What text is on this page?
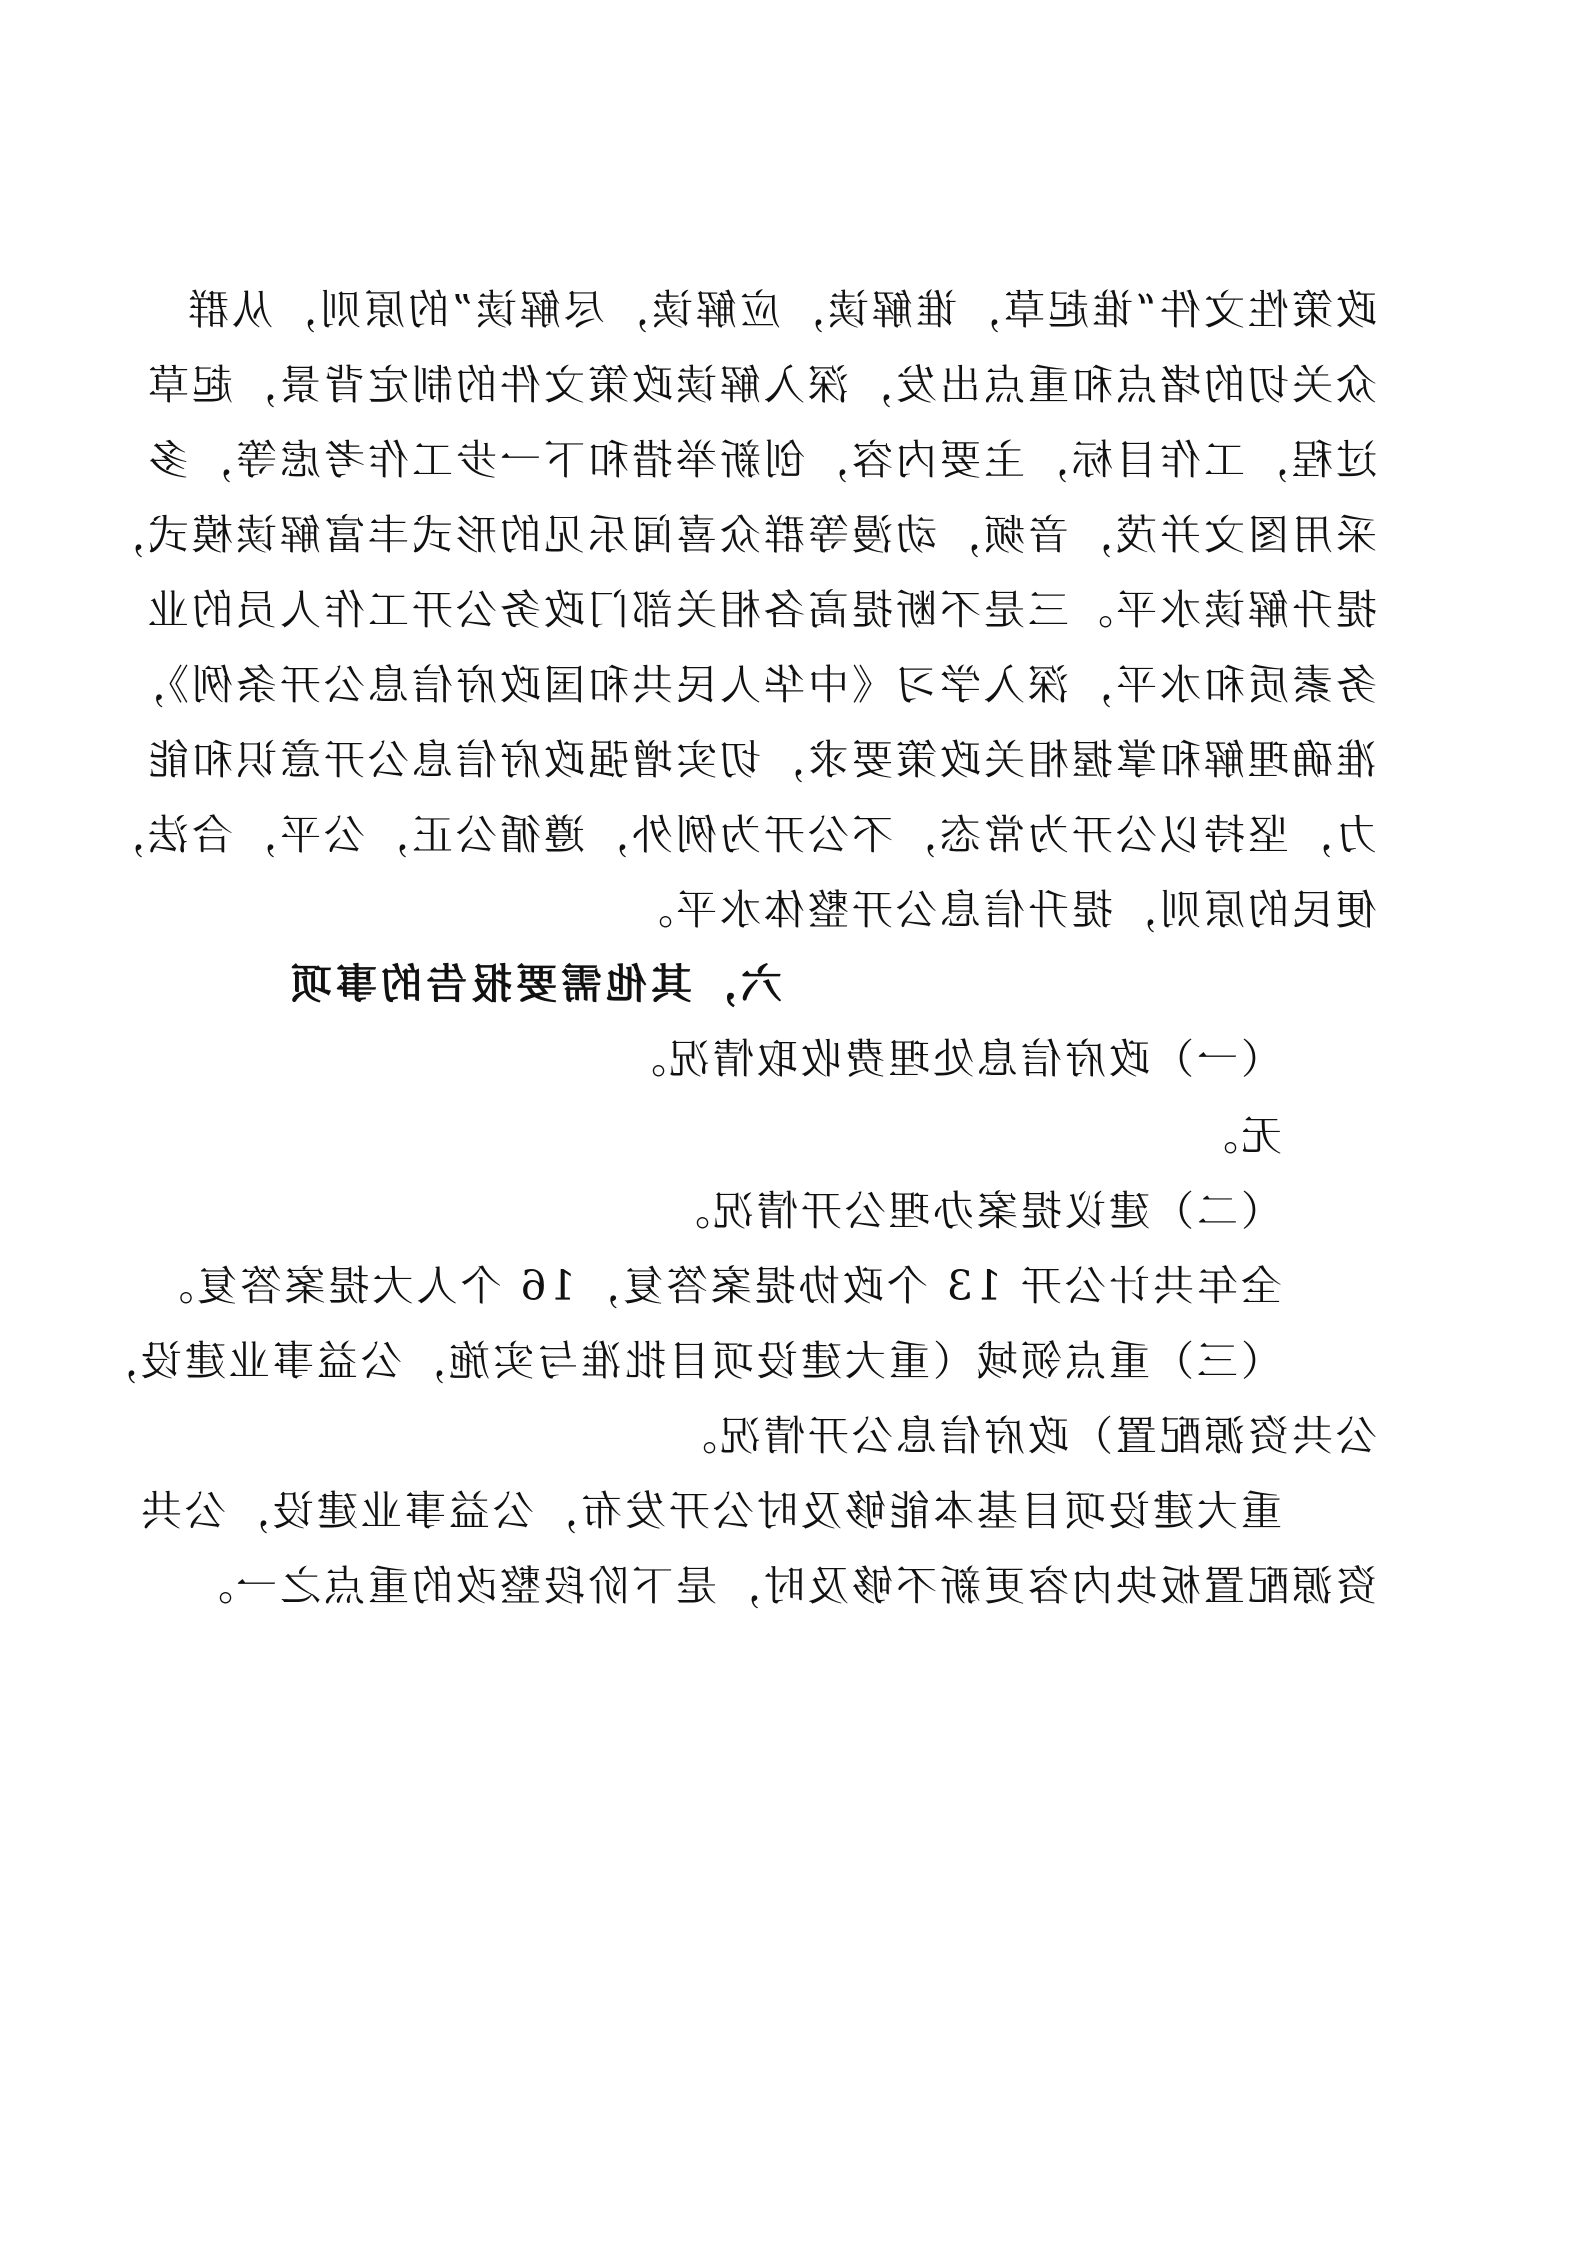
政策性文件“谁起草，谁解读，应解读，尽解读”的原则，从群
众关切的堵点和重点出发，深入解读政策文件的制定背景，起草
过程，工作目标，主要内容，创新举措和下一步工作考虑等，多
采用图文并茂，音频，动漫等群众喜闻乐见的形式丰富解读模式，
提升解读水平。三是不断提高各相关部门政务公开工作人员的业
务素质和水平，深入学习《中华人民共和国政府信息公开条例》，
准确理解和掌握相关政策要求，切实增强政府信息公开意识和能
力，坚持以公开为常态，不公开为例外，遵循公正，公平，合法，
便民的原则，提升信息公开整体水平。
六，其他需要报告的事项
（一）政府信息处理费收取情况。
无。
（二）建议提案办理公开情况。
全年共计公开 13 个政协提案答复，16 个人大提案答复。
（三）重点领域（重大建设项目批准与实施，公益事业建设，
公共资源配置）政府信息公开情况。
重大建设项目基本能够及时公开发布，公益事业建设，公共
资源配置板块内容更新不够及时，是下阶段整改的重点之一。
